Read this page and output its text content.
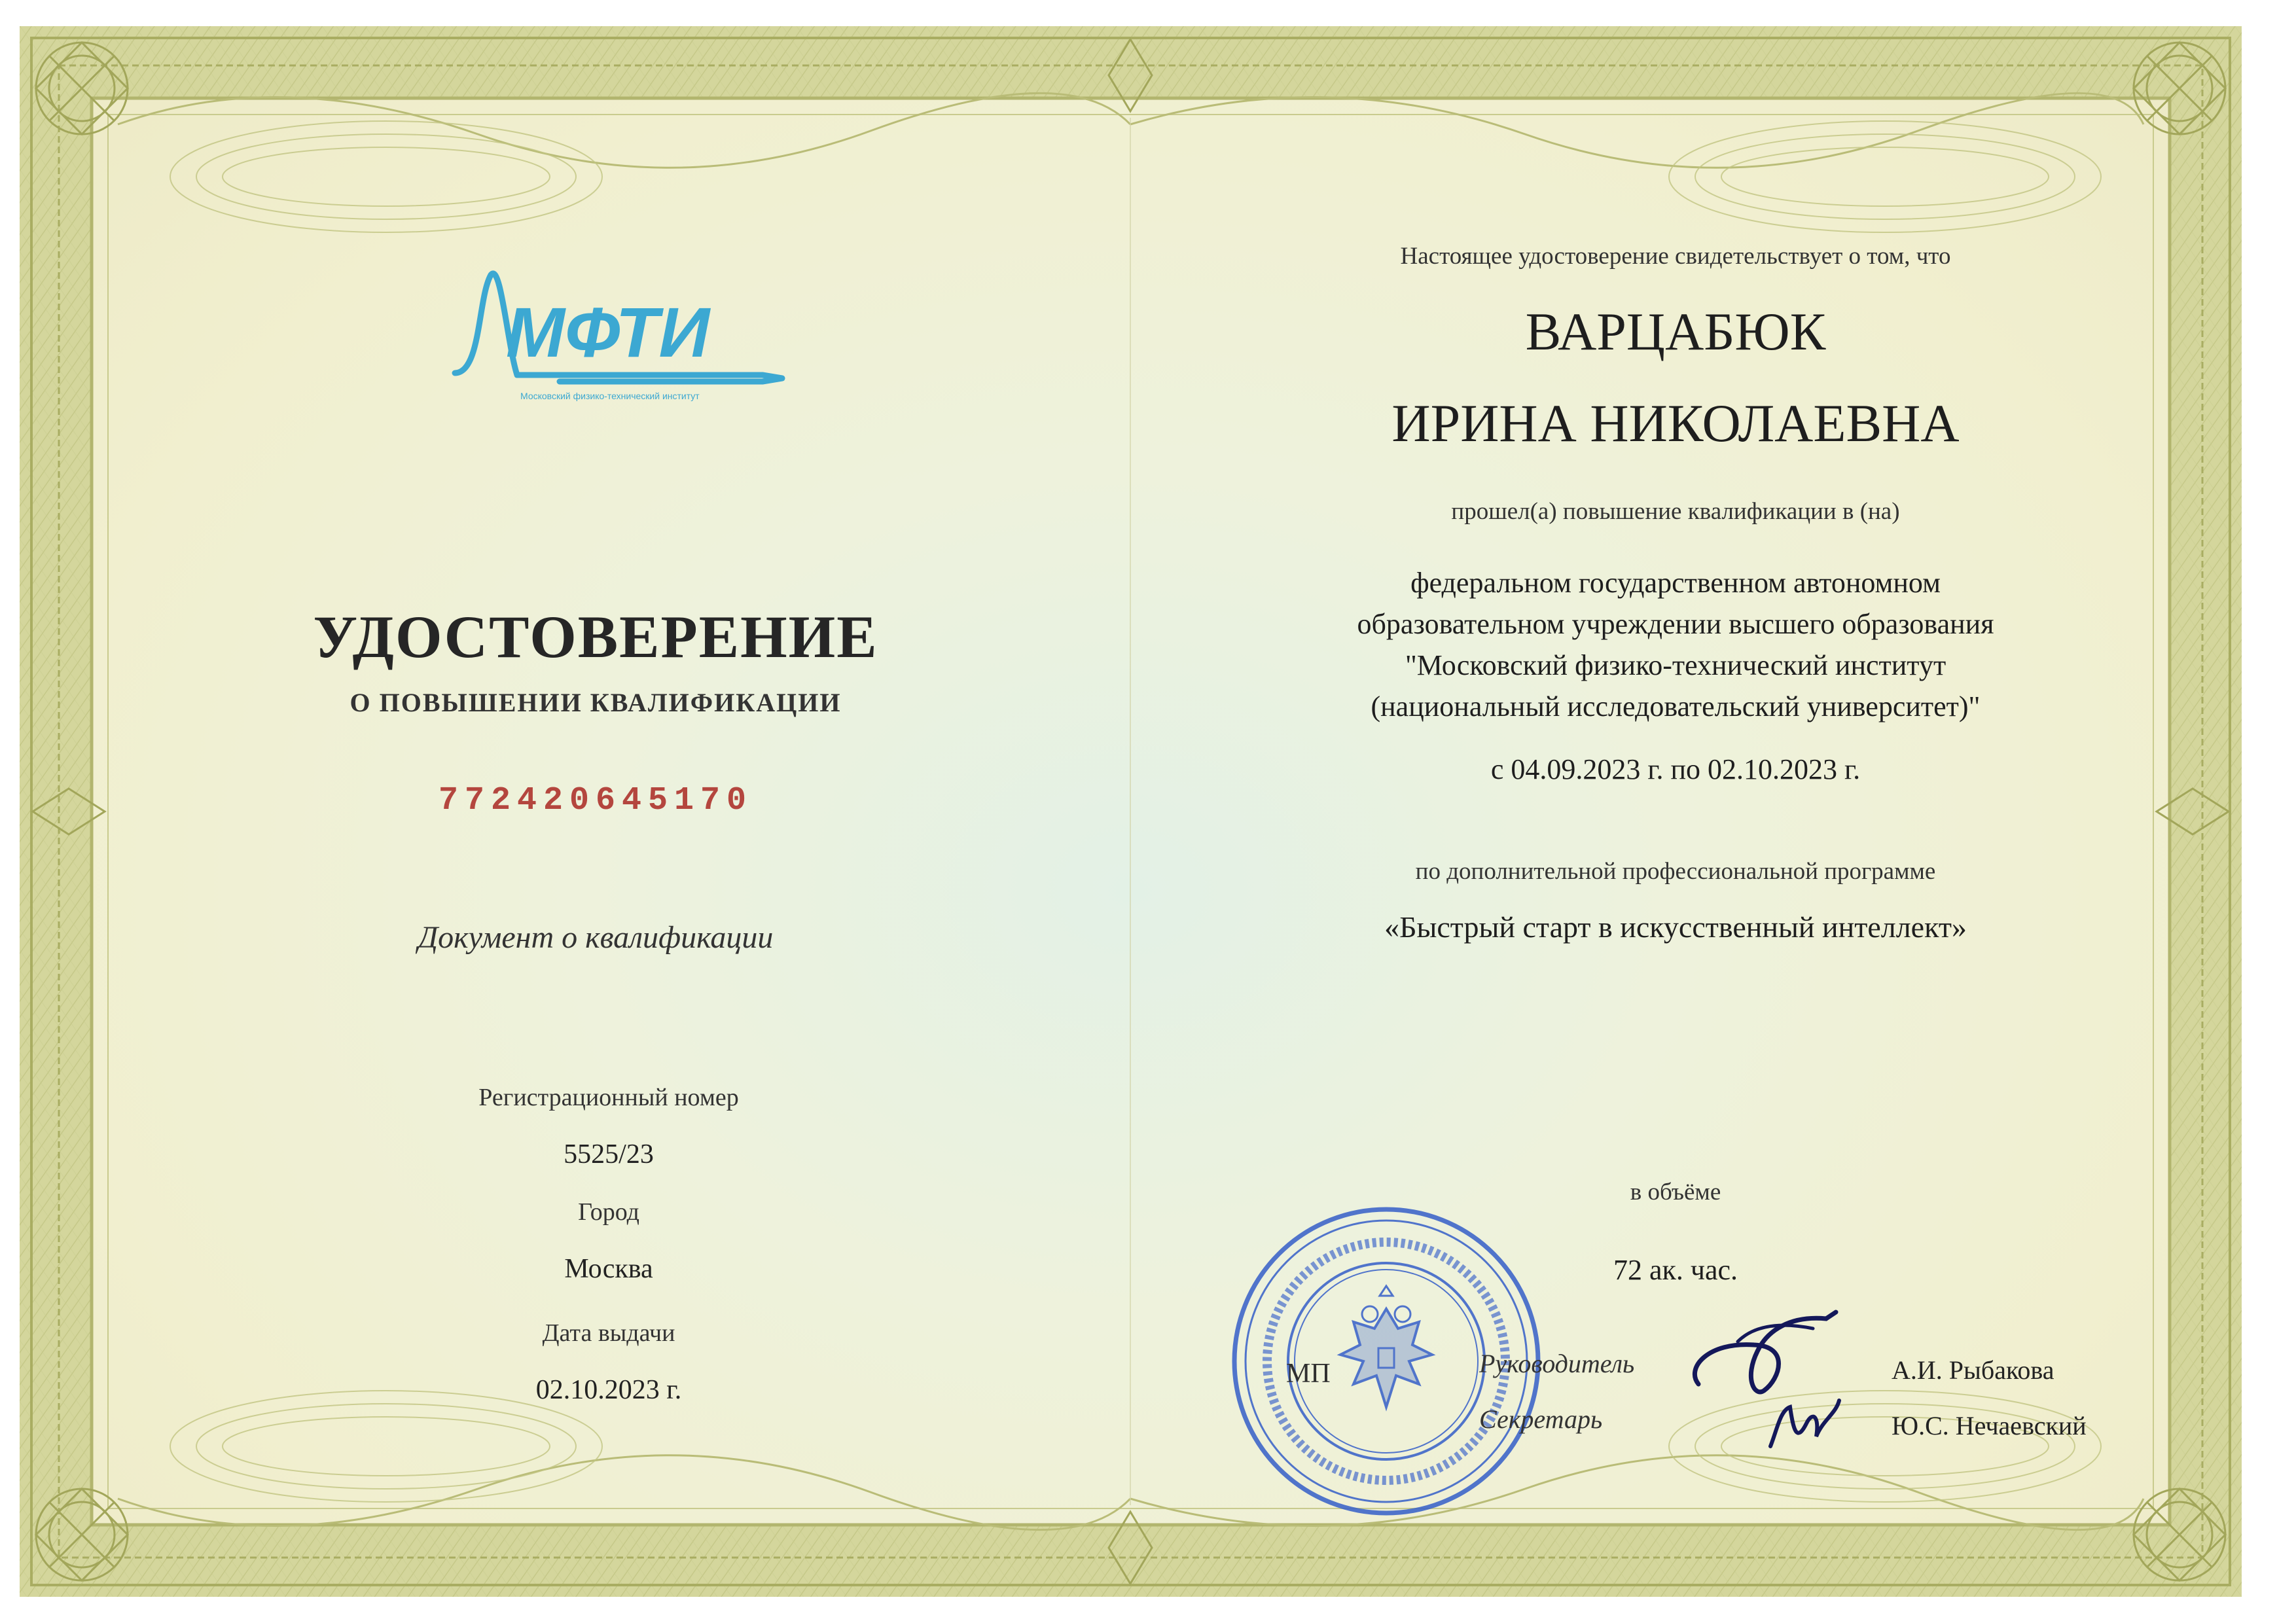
МФТИ
Московский физико-технический институт
УДОСТОВЕРЕНИЕ
О ПОВЫШЕНИИ КВАЛИФИКАЦИИ
772420645170
Документ о квалификации
Регистрационный номер
5525/23
Город
Москва
Дата выдачи
02.10.2023 г.
Настоящее удостоверение свидетельствует о том, что
ВАРЦАБЮК
ИРИНА НИКОЛАЕВНА
прошел(а) повышение квалификации в (на)
федеральном государственном автономном
образовательном учреждении высшего образования
"Московский физико-технический институт
(национальный исследовательский университет)"
с 04.09.2023 г. по 02.10.2023 г.
по дополнительной профессиональной программе
«Быстрый старт в искусственный интеллект»
в объёме
72 ак. час.
МП	Руководитель
Секретарь
А.И. Рыбакова
Ю.С. Нечаевский
